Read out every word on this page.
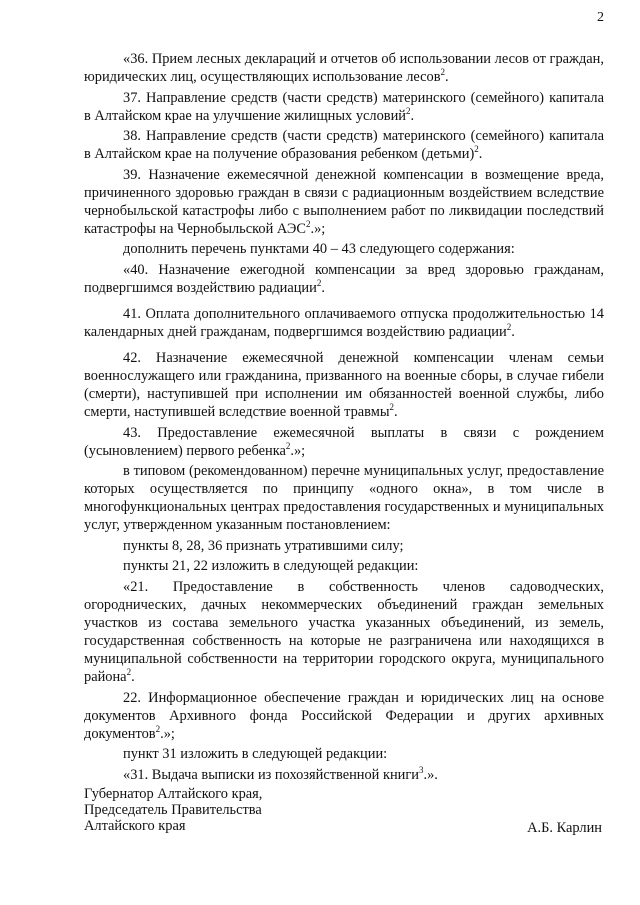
2

«36. Прием лесных деклараций и отчетов об использовании лесов от граждан, юридических лиц, осуществляющих использование лесов$^2$.

37. Направление средств (части средств) материнского (семейного) капитала в Алтайском крае на улучшение жилищных условий$^2$.

38. Направление средств (части средств) материнского (семейного) капитала в Алтайском крае на получение образования ребенком (детьми)$^2$.

39. Назначение ежемесячной денежной компенсации в возмещение вреда, причиненного здоровью граждан в связи с радиационным воздействием вследствие чернобыльской катастрофы либо с выполнением работ по ликвидации последствий катастрофы на Чернобыльской АЭС$^2$.»;

дополнить перечень пунктами 40 – 43 следующего содержания:

«40. Назначение ежегодной компенсации за вред здоровью гражданам, подвергшимся воздействию радиации$^2$.

41. Оплата дополнительного оплачиваемого отпуска продолжительностью 14 календарных дней гражданам, подвергшимся воздействию радиации$^2$.

42. Назначение ежемесячной денежной компенсации членам семьи военнослужащего или гражданина, призванного на военные сборы, в случае гибели (смерти), наступившей при исполнении им обязанностей военной службы, либо смерти, наступившей вследствие военной травмы$^2$.

43. Предоставление ежемесячной выплаты в связи с рождением (усыновлением) первого ребенка$^2$.»;

в типовом (рекомендованном) перечне муниципальных услуг, предоставление которых осуществляется по принципу «одного окна», в том числе в многофункциональных центрах предоставления государственных и муниципальных услуг, утвержденном указанным постановлением:

пункты 8, 28, 36 признать утратившими силу;

пункты 21, 22 изложить в следующей редакции:

«21. Предоставление в собственность членов садоводческих, огороднических, дачных некоммерческих объединений граждан земельных участков из состава земельного участка указанных объединений, из земель, государственная собственность на которые не разграничена или находящихся в муниципальной собственности на территории городского округа, муниципального района$^2$.

22. Информационное обеспечение граждан и юридических лиц на основе документов Архивного фонда Российской Федерации и других архивных документов$^2$.»;

пункт 31 изложить в следующей редакции:

«31. Выдача выписки из похозяйственной книги$^3$.».

Губернатор Алтайского края,
Председатель Правительства
Алтайского края	А.Б. Карлин
